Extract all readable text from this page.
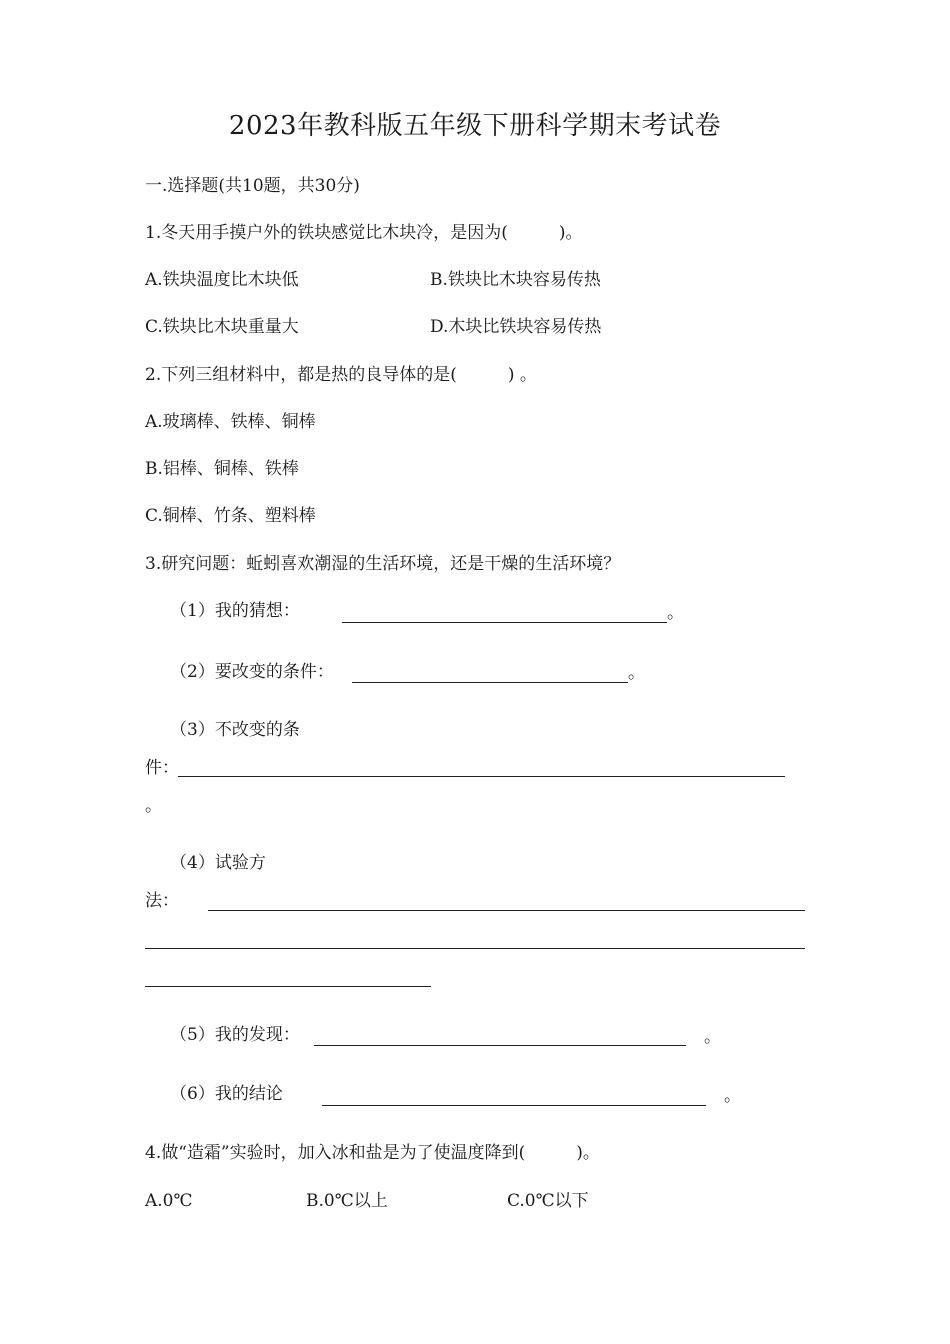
2023年教科版五年级下册科学期末考试卷
一.选择题(共10题，共30分)
1.冬天用手摸户外的铁块感觉比木块冷，是因为(　　　)。
A.铁块温度比木块低	B.铁块比木块容易传热
C.铁块比木块重量大	D.木块比铁块容易传热
2.下列三组材料中，都是热的良导体的是(　　　) 。
A.玻璃棒、铁棒、铜棒
B.铝棒、铜棒、铁棒
C.铜棒、竹条、塑料棒
3.研究问题：蚯蚓喜欢潮湿的生活环境，还是干燥的生活环境？
（1）我的猜想：	。
（2）要改变的条件：	。
（3）不改变的条
件：
。
（4）试验方
法：
（5）我的发现：	。
（6）我的结论	。
4.做“造霜”实验时，加入冰和盐是为了使温度降到(　　　)。
A.0℃	B.0℃以上	C.0℃以下
